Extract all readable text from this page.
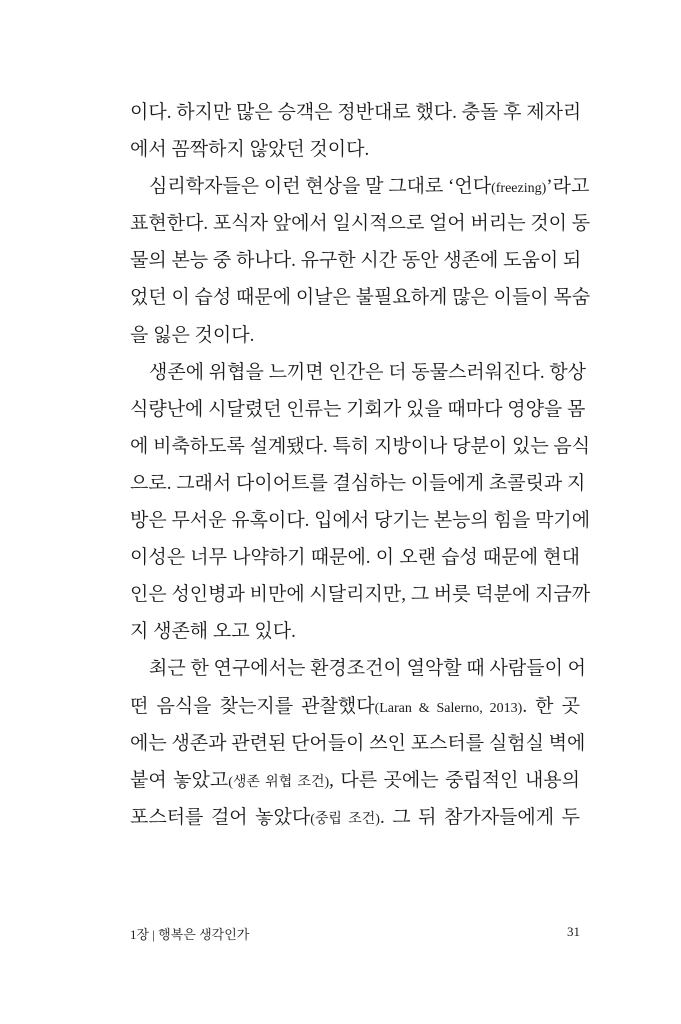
이다. 하지만 많은 승객은 정반대로 했다. 충돌 후 제자리
에서 꼼짝하지 않았던 것이다.
심리학자들은 이런 현상을 말 그대로 ‘언다(freezing)’라고
표현한다. 포식자 앞에서 일시적으로 얼어 버리는 것이 동
물의 본능 중 하나다. 유구한 시간 동안 생존에 도움이 되
었던 이 습성 때문에 이날은 불필요하게 많은 이들이 목숨
을 잃은 것이다.
생존에 위협을 느끼면 인간은 더 동물스러워진다. 항상
식량난에 시달렸던 인류는 기회가 있을 때마다 영양을 몸
에 비축하도록 설계됐다. 특히 지방이나 당분이 있는 음식
으로. 그래서 다이어트를 결심하는 이들에게 초콜릿과 지
방은 무서운 유혹이다. 입에서 당기는 본능의 힘을 막기에
이성은 너무 나약하기 때문에. 이 오랜 습성 때문에 현대
인은 성인병과 비만에 시달리지만, 그 버릇 덕분에 지금까
지 생존해 오고 있다.
최근 한 연구에서는 환경조건이 열악할 때 사람들이 어
떤 음식을 찾는지를 관찰했다(Laran & Salerno, 2013). 한 곳
에는 생존과 관련된 단어들이 쓰인 포스터를 실험실 벽에
붙여 놓았고(생존 위협 조건), 다른 곳에는 중립적인 내용의
포스터를 걸어 놓았다(중립 조건). 그 뒤 참가자들에게 두
1장 | 행복은 생각인가	31
